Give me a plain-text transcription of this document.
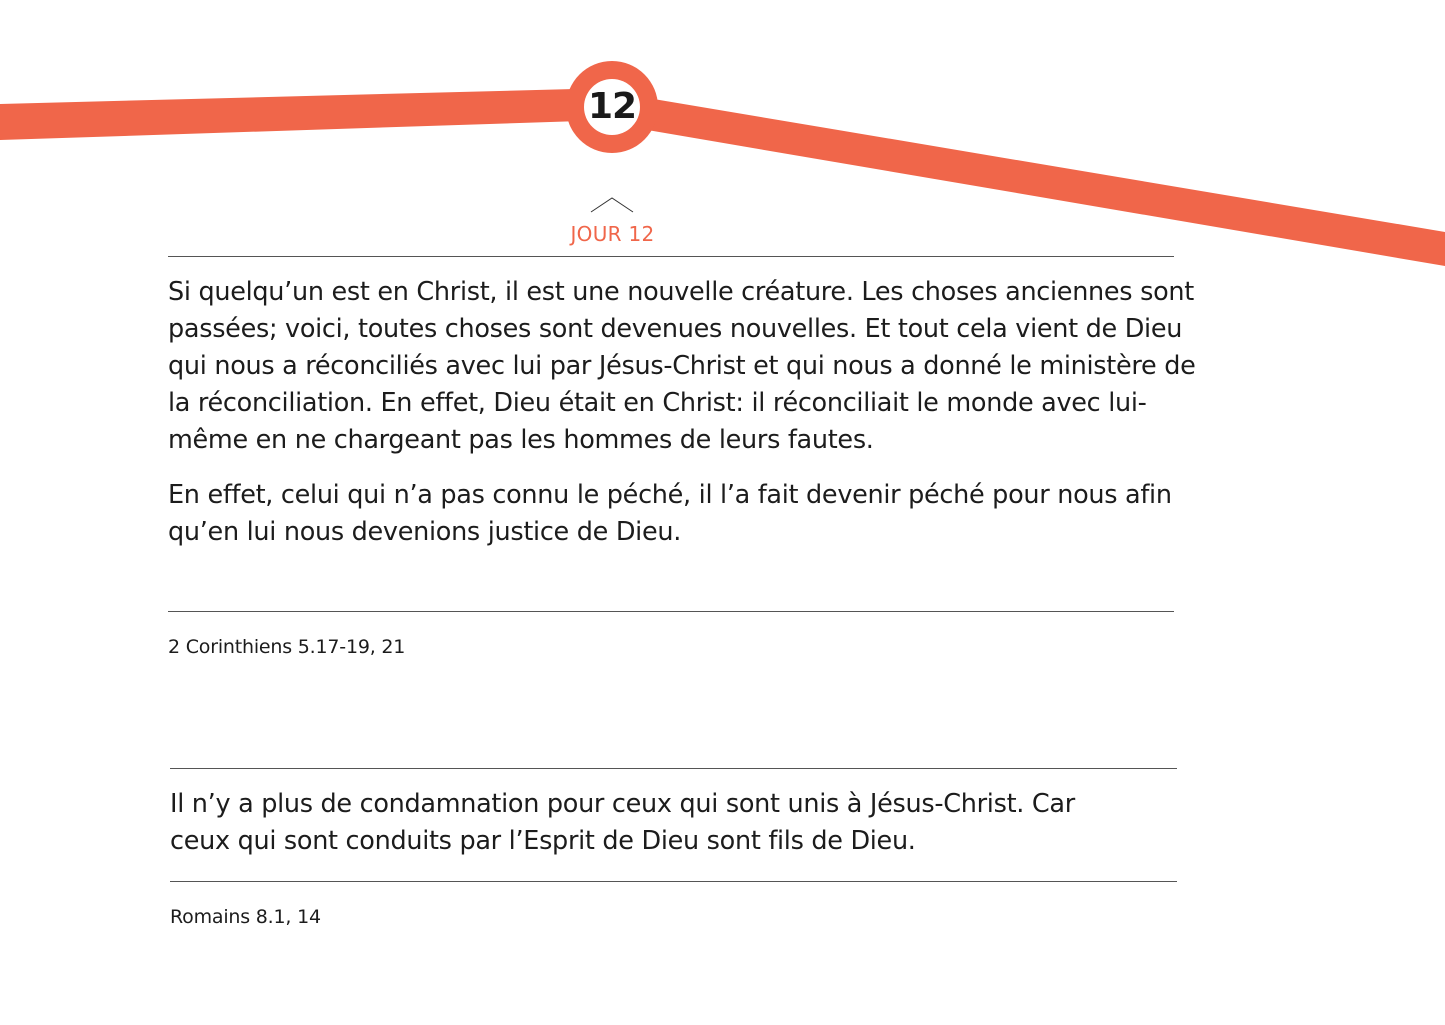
12
JOUR 12

Si quelqu’un est en Christ, il est une nouvelle créature. Les choses anciennes sont passées; voici, toutes choses sont devenues nouvelles. Et tout cela vient de Dieu qui nous a réconciliés avec lui par Jésus-Christ et qui nous a donné le ministère de la réconciliation. En effet, Dieu était en Christ: il réconciliait le monde avec lui-même en ne chargeant pas les hommes de leurs fautes.

En effet, celui qui n’a pas connu le péché, il l’a fait devenir péché pour nous afin qu’en lui nous devenions justice de Dieu.

2 Corinthiens 5.17-19, 21

Il n’y a plus de condamnation pour ceux qui sont unis à Jésus-Christ. Car ceux qui sont conduits par l’Esprit de Dieu sont fils de Dieu.

Romains 8.1, 14
